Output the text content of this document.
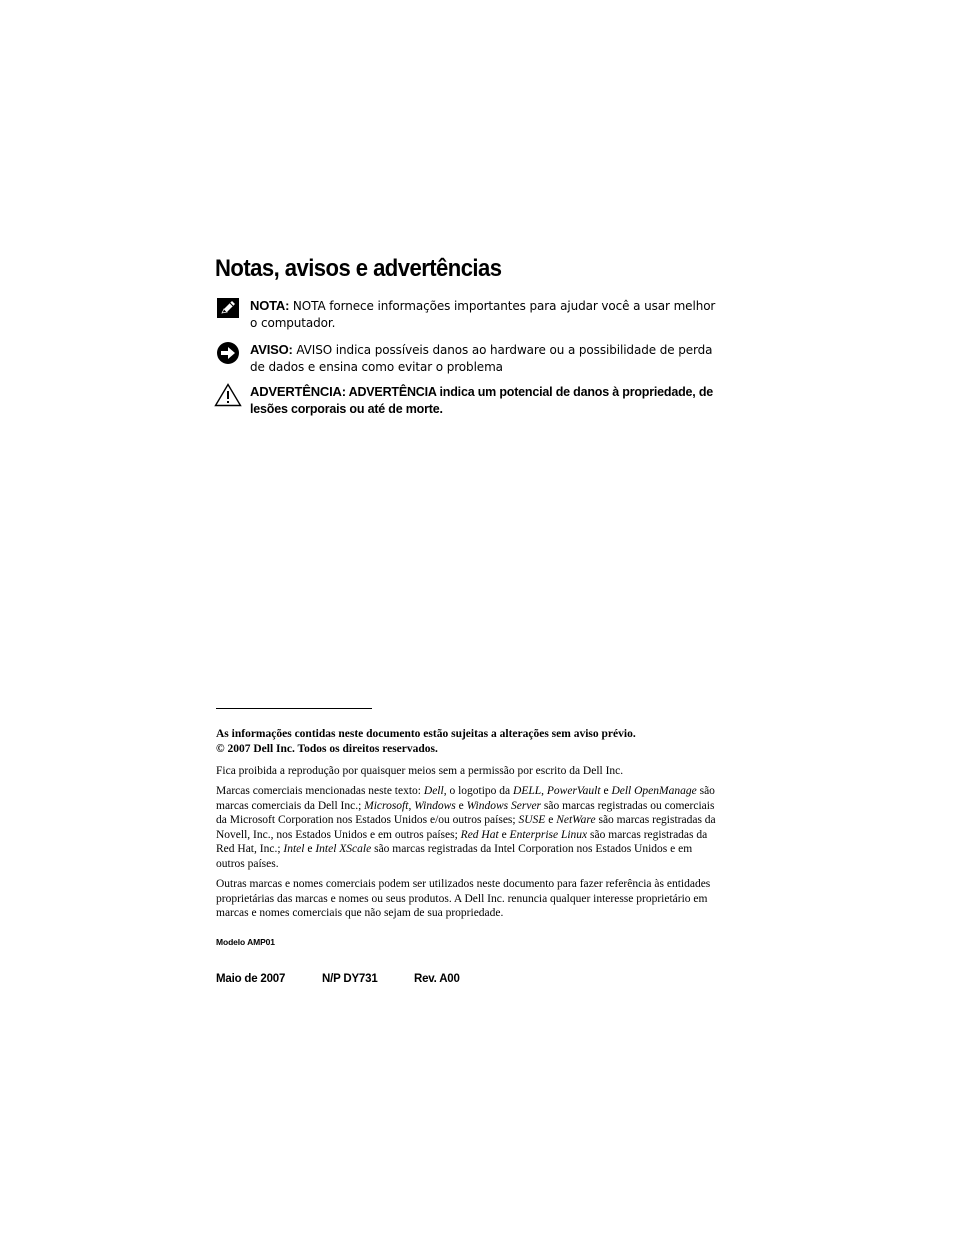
Notas, avisos e advertências
NOTA: NOTA fornece informações importantes para ajudar você a usar melhor o computador.
AVISO: AVISO indica possíveis danos ao hardware ou a possibilidade de perda de dados e ensina como evitar o problema
ADVERTÊNCIA: ADVERTÊNCIA indica um potencial de danos à propriedade, de lesões corporais ou até de morte.

As informações contidas neste documento estão sujeitas a alterações sem aviso prévio.

© 2007 Dell Inc. Todos os direitos reservados.

Fica proibida a reprodução por quaisquer meios sem a permissão por escrito da Dell Inc.

Marcas comerciais mencionadas neste texto: Dell, o logotipo da DELL, PowerVault e Dell OpenManage são marcas comerciais da Dell Inc.; Microsoft, Windows e Windows Server são marcas registradas ou comerciais da Microsoft Corporation nos Estados Unidos e/ou outros países; SUSE e NetWare são marcas registradas da Novell, Inc., nos Estados Unidos e em outros países; Red Hat e Enterprise Linux são marcas registradas da Red Hat, Inc.; Intel e Intel XScale são marcas registradas da Intel Corporation nos Estados Unidos e em outros países.

Outras marcas e nomes comerciais podem ser utilizados neste documento para fazer referência às entidades proprietárias das marcas e nomes ou seus produtos. A Dell Inc. renuncia qualquer interesse proprietário em marcas e nomes comerciais que não sejam de sua propriedade.

Modelo AMP01
Maio de 2007	N/P DY731	Rev. A00
